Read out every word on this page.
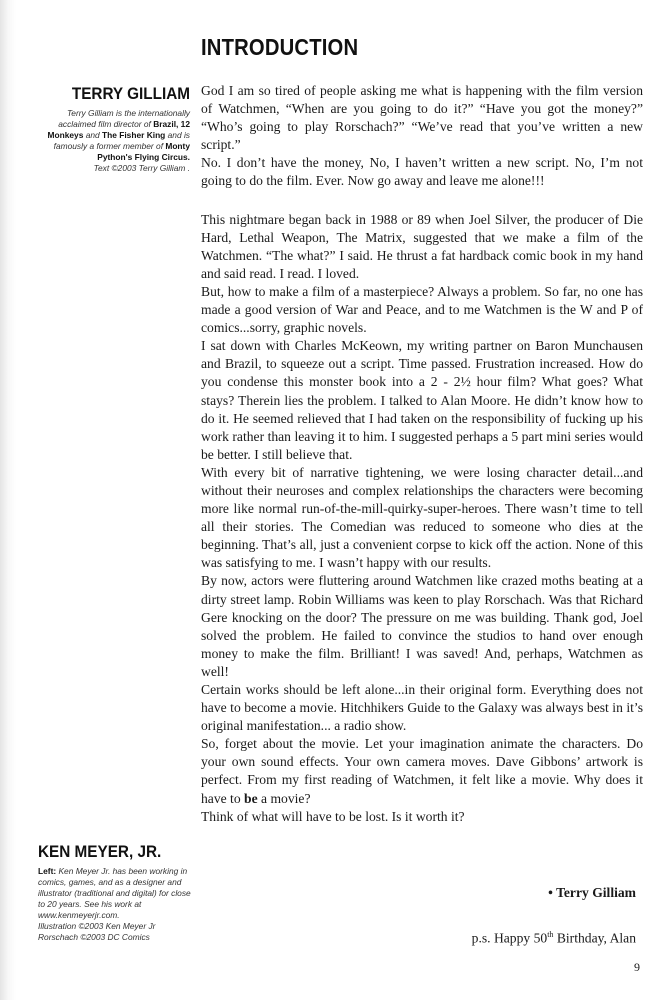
INTRODUCTION
TERRY GILLIAM

Terry Gilliam is the internationally acclaimed film director of Brazil, 12 Monkeys and The Fisher King and is famously a former member of Monty Python's Flying Circus.

Text ©2003 Terry Gilliam .

God I am so tired of people asking me what is happening with the film version of Watchmen, “When are you going to do it?” “Have you got the money?” “Who’s going to play Rorschach?” “We’ve read that you’ve written a new script.”

No. I don’t have the money, No, I haven’t written a new script. No, I’m not going to do the film. Ever. Now go away and leave me alone!!!

This nightmare began back in 1988 or 89 when Joel Silver, the producer of Die Hard, Lethal Weapon, The Matrix, suggested that we make a film of the Watchmen. “The what?” I said. He thrust a fat hardback comic book in my hand and said read. I read. I loved.

But, how to make a film of a masterpiece? Always a problem. So far, no one has made a good version of War and Peace, and to me Watchmen is the W and P of comics...sorry, graphic novels.

I sat down with Charles McKeown, my writing partner on Baron Munchausen and Brazil, to squeeze out a script. Time passed. Frustration increased. How do you condense this monster book into a 2 - 2½ hour film? What goes? What stays? Therein lies the problem. I talked to Alan Moore. He didn’t know how to do it. He seemed relieved that I had taken on the responsibility of fucking up his work rather than leaving it to him. I suggested perhaps a 5 part mini series would be better. I still believe that.

With every bit of narrative tightening, we were losing character detail...and without their neuroses and complex relationships the characters were becoming more like normal run-of-the-mill-quirky-super-heroes. There wasn’t time to tell all their stories. The Comedian was reduced to someone who dies at the beginning. That’s all, just a convenient corpse to kick off the action. None of this was satisfying to me. I wasn’t happy with our results.

By now, actors were fluttering around Watchmen like crazed moths beating at a dirty street lamp. Robin Williams was keen to play Rorschach. Was that Richard Gere knocking on the door? The pressure on me was building. Thank god, Joel solved the problem. He failed to convince the studios to hand over enough money to make the film. Brilliant! I was saved! And, perhaps, Watchmen as well!

Certain works should be left alone...in their original form. Everything does not have to become a movie. Hitchhikers Guide to the Galaxy was always best in it’s original manifestation... a radio show.

So, forget about the movie. Let your imagination animate the characters. Do your own sound effects. Your own camera moves. Dave Gibbons’ artwork is perfect. From my first reading of Watchmen, it felt like a movie. Why does it have to be a movie?

Think of what will have to be lost. Is it worth it?

KEN MEYER, JR.

Left: Ken Meyer Jr. has been working in comics, games, and as a designer and illustrator (traditional and digital) for close to 20 years. See his work at www.kenmeyerjr.com.

Illustration ©2003 Ken Meyer Jr

Rorschach ©2003 DC Comics

• Terry Gilliam
p.s. Happy 50th Birthday, Alan
9
